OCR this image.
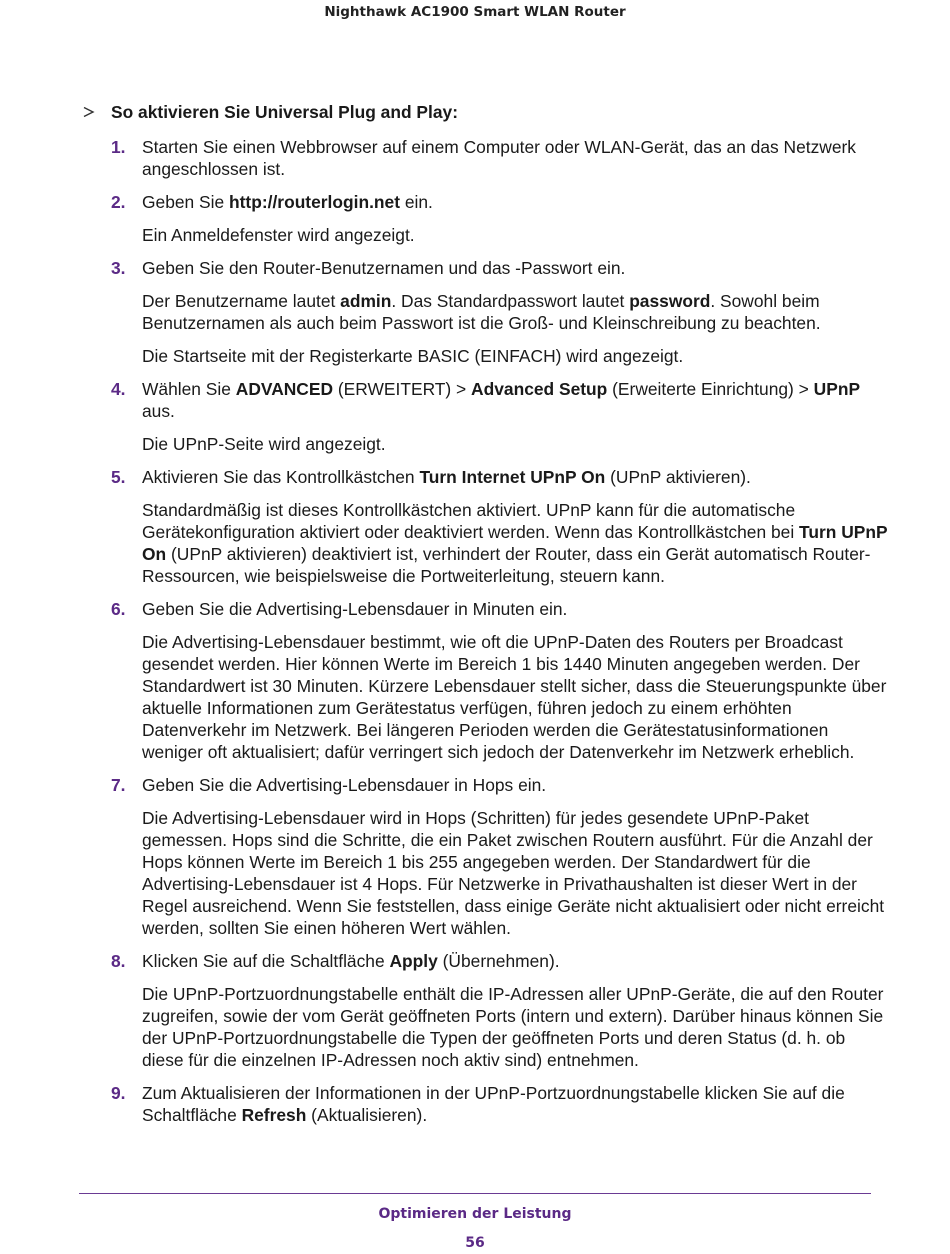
Nighthawk AC1900 Smart WLAN Router
So aktivieren Sie Universal Plug and Play:
1. Starten Sie einen Webbrowser auf einem Computer oder WLAN-Gerät, das an das Netzwerk angeschlossen ist.

2. Geben Sie http://routerlogin.net ein.

Ein Anmeldefenster wird angezeigt.

3. Geben Sie den Router-Benutzernamen und das -Passwort ein.

Der Benutzername lautet admin. Das Standardpasswort lautet password. Sowohl beim Benutzernamen als auch beim Passwort ist die Groß- und Kleinschreibung zu beachten.

Die Startseite mit der Registerkarte BASIC (EINFACH) wird angezeigt.

4. Wählen Sie ADVANCED (ERWEITERT) > Advanced Setup (Erweiterte Einrichtung) > UPnP aus.

Die UPnP-Seite wird angezeigt.

5. Aktivieren Sie das Kontrollkästchen Turn Internet UPnP On (UPnP aktivieren).

Standardmäßig ist dieses Kontrollkästchen aktiviert. UPnP kann für die automatische Gerätekonfiguration aktiviert oder deaktiviert werden. Wenn das Kontrollkästchen bei Turn UPnP On (UPnP aktivieren) deaktiviert ist, verhindert der Router, dass ein Gerät automatisch Router-Ressourcen, wie beispielsweise die Portweiterleitung, steuern kann.

6. Geben Sie die Advertising-Lebensdauer in Minuten ein.

Die Advertising-Lebensdauer bestimmt, wie oft die UPnP-Daten des Routers per Broadcast gesendet werden. Hier können Werte im Bereich 1 bis 1440 Minuten angegeben werden. Der Standardwert ist 30 Minuten. Kürzere Lebensdauer stellt sicher, dass die Steuerungspunkte über aktuelle Informationen zum Gerätestatus verfügen, führen jedoch zu einem erhöhten Datenverkehr im Netzwerk. Bei längeren Perioden werden die Gerätestatusinformationen weniger oft aktualisiert; dafür verringert sich jedoch der Datenverkehr im Netzwerk erheblich.

7. Geben Sie die Advertising-Lebensdauer in Hops ein.

Die Advertising-Lebensdauer wird in Hops (Schritten) für jedes gesendete UPnP-Paket gemessen. Hops sind die Schritte, die ein Paket zwischen Routern ausführt. Für die Anzahl der Hops können Werte im Bereich 1 bis 255 angegeben werden. Der Standardwert für die Advertising-Lebensdauer ist 4 Hops. Für Netzwerke in Privathaushalten ist dieser Wert in der Regel ausreichend. Wenn Sie feststellen, dass einige Geräte nicht aktualisiert oder nicht erreicht werden, sollten Sie einen höheren Wert wählen.

8. Klicken Sie auf die Schaltfläche Apply (Übernehmen).

Die UPnP-Portzuordnungstabelle enthält die IP-Adressen aller UPnP-Geräte, die auf den Router zugreifen, sowie der vom Gerät geöffneten Ports (intern und extern). Darüber hinaus können Sie der UPnP-Portzuordnungstabelle die Typen der geöffneten Ports und deren Status (d. h. ob diese für die einzelnen IP-Adressen noch aktiv sind) entnehmen.

9. Zum Aktualisieren der Informationen in der UPnP-Portzuordnungstabelle klicken Sie auf die Schaltfläche Refresh (Aktualisieren).

Optimieren der Leistung
56
